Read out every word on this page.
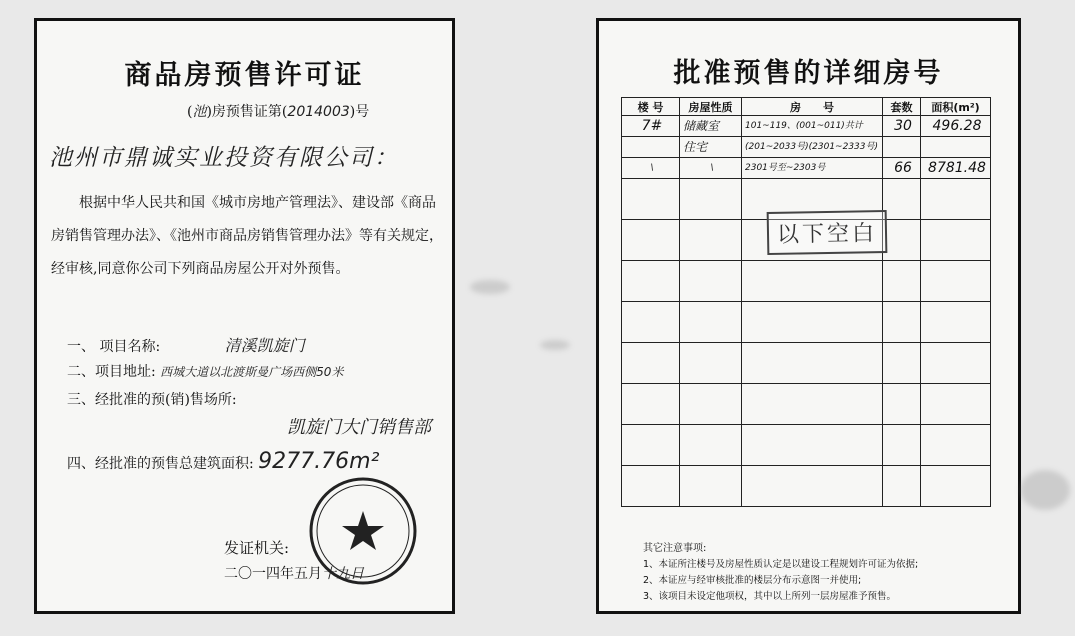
商品房预售许可证
(池)房预售证第(2014003)号
池州市鼎诚实业投资有限公司：

根据中华人民共和国《城市房地产管理法》、建设部《商品房销售管理办法》、《池州市商品房销售管理办法》等有关规定，经审核,同意你公司下列商品房屋公开对外预售。

一、 项目名称:	清溪凯旋门
二、项目地址: 西城大道以北渡斯曼广场西侧50米
三、经批准的预(销)售场所:
凯旋门大门销售部
四、经批准的预售总建筑面积: 9277.76m²
发证机关:
二〇一四年五月十九日
批准预售的详细房号
楼 号	房屋性质	房　　号	套数	面积(m²)

7#	储藏室	101~119、(001~011)共计	30	496.28

	住宅	(201~2033号)(2301~2333号)		

\	\	2301号至~2303号	66	8781.48

以下空白
其它注意事项:
1、本证所注楼号及房屋性质认定是以建设工程规划许可证为依据;
2、本证应与经审核批准的楼层分布示意图一并使用;
3、该项目未设定他项权，其中以上所列一层房屋准予预售。
